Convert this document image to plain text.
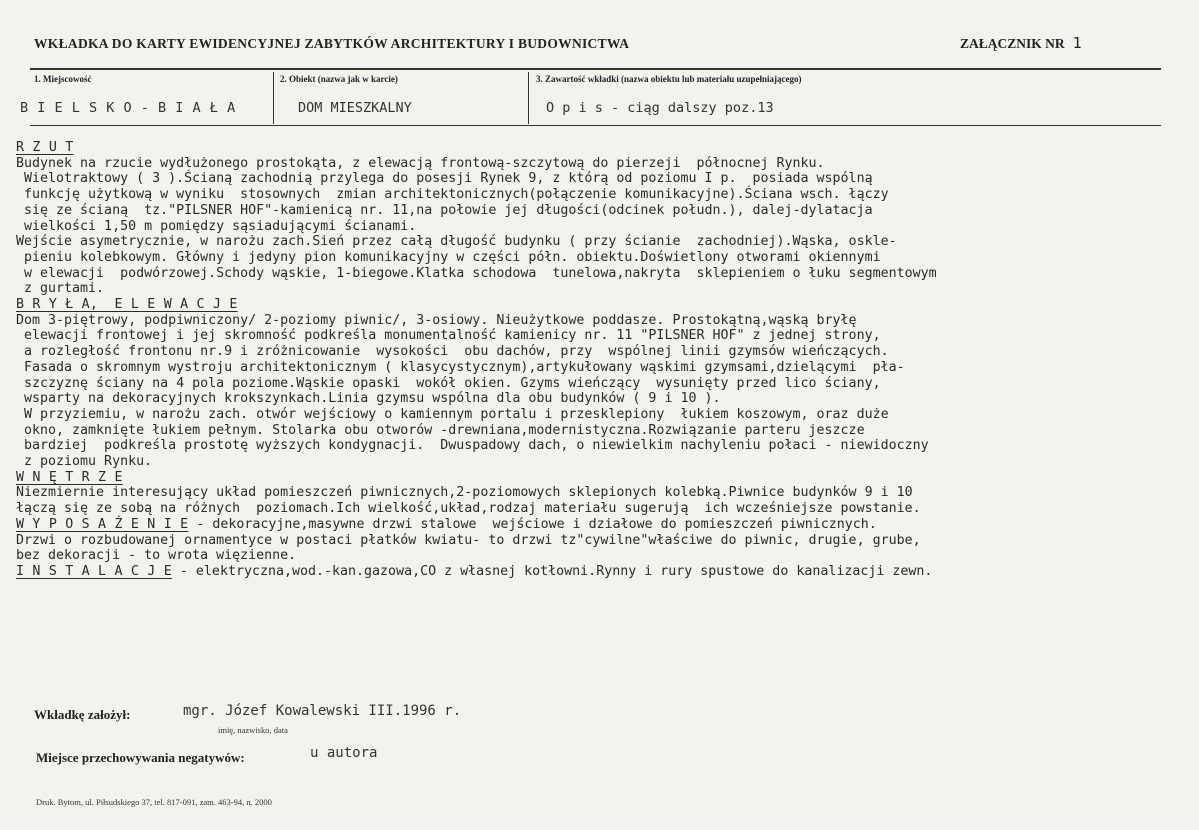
WKŁADKA DO KARTY EWIDENCYJNEJ ZABYTKÓW ARCHITEKTURY I BUDOWNICTWA	ZAŁĄCZNIK NR 1
1. Miejscowość
B I E L S K O - B I A Ł A
2. Obiekt (nazwa jak w karcie)
DOM MIESZKALNY
3. Zawartość wkładki (nazwa obiektu lub materiału uzupełniającego)
O p i s - ciąg dalszy poz.13
R Z U T
Budynek na rzucie wydłużonego prostokąta, z elewacją frontową-szczytową do pierzeji  północnej Rynku.
Wielotraktowy ( 3 ).Ścianą zachodnią przylega do posesji Rynek 9, z którą od poziomu I p.  posiada wspólną
funkcję użytkową w wyniku  stosownych  zmian architektonicznych(połączenie komunikacyjne).Ściana wsch. łączy
się ze ścianą  tz."PILSNER HOF"-kamienicą nr. 11,na połowie jej długości(odcinek połudn.), dalej-dylatacja
wielkości 1,50 m pomiędzy sąsiadującymi ścianami.
Wejście asymetrycznie, w narożu zach.Sień przez całą długość budynku ( przy ścianie  zachodniej).Wąska, oskle-
pieniu kolebkowym. Główny i jedyny pion komunikacyjny w części półn. obiektu.Doświetlony otworami okiennymi
w elewacji  podwórzowej.Schody wąskie, 1-biegowe.Klatka schodowa  tunelowa,nakryta  sklepieniem o łuku segmentowym
z gurtami.
B R Y Ł A,  E L E W A C J E
Dom 3-piętrowy, podpiwniczony/ 2-poziomy piwnic/, 3-osiowy. Nieużytkowe poddasze. Prostokątną,wąską bryłę
elewacji frontowej i jej skromność podkreśla monumentalność kamienicy nr. 11 "PILSNER HOF" z jednej strony,
a rozległość frontonu nr.9 i zróżnicowanie  wysokości  obu dachów, przy  wspólnej linii gzymsów wieńczących.
Fasada o skromnym wystroju architektonicznym ( klasycystycznym),artykułowany wąskimi gzymsami,dzielącymi  pła-
szczyznę ściany na 4 pola poziome.Wąskie opaski  wokół okien. Gzyms wieńczący  wysunięty przed lico ściany,
wsparty na dekoracyjnych krokszynkach.Linia gzymsu wspólna dla obu budynków ( 9 i 10 ).
W przyziemiu, w narożu zach. otwór wejściowy o kamiennym portalu i przesklepiony  łukiem koszowym, oraz duże
okno, zamknięte łukiem pełnym. Stolarka obu otworów -drewniana,modernistyczna.Rozwiązanie parteru jeszcze
bardziej  podkreśla prostotę wyższych kondygnacji.  Dwuspadowy dach, o niewielkim nachyleniu połaci - niewidoczny
z poziomu Rynku.
W N Ę T R Z E
Niezmiernie interesujący układ pomieszczeń piwnicznych,2-poziomowych sklepionych kolebką.Piwnice budynków 9 i 10
łączą się ze sobą na różnych  poziomach.Ich wielkość,układ,rodzaj materiału sugerują  ich wcześniejsze powstanie.
W Y P O S A Ż E N I E - dekoracyjne,masywne drzwi stalowe  wejściowe i działowe do pomieszczeń piwnicznych.
Drzwi o rozbudowanej ornamentyce w postaci płatków kwiatu- to drzwi tz"cywilne"właściwe do piwnic, drugie, grube,
bez dekoracji - to wrota więzienne.
I N S T A L A C J E - elektryczna,wod.-kan.gazowa,CO z własnej kotłowni.Rynny i rury spustowe do kanalizacji zewn.
Wkładkę założył:	mgr. Józef Kowalewski III.1996 r.
imię, nazwisko, data
Miejsce przechowywania negatywów:	u autora
Druk. Bytom, ul. Piłsudskiego 37, tel. 817-091, zam. 463-94, n. 2000
